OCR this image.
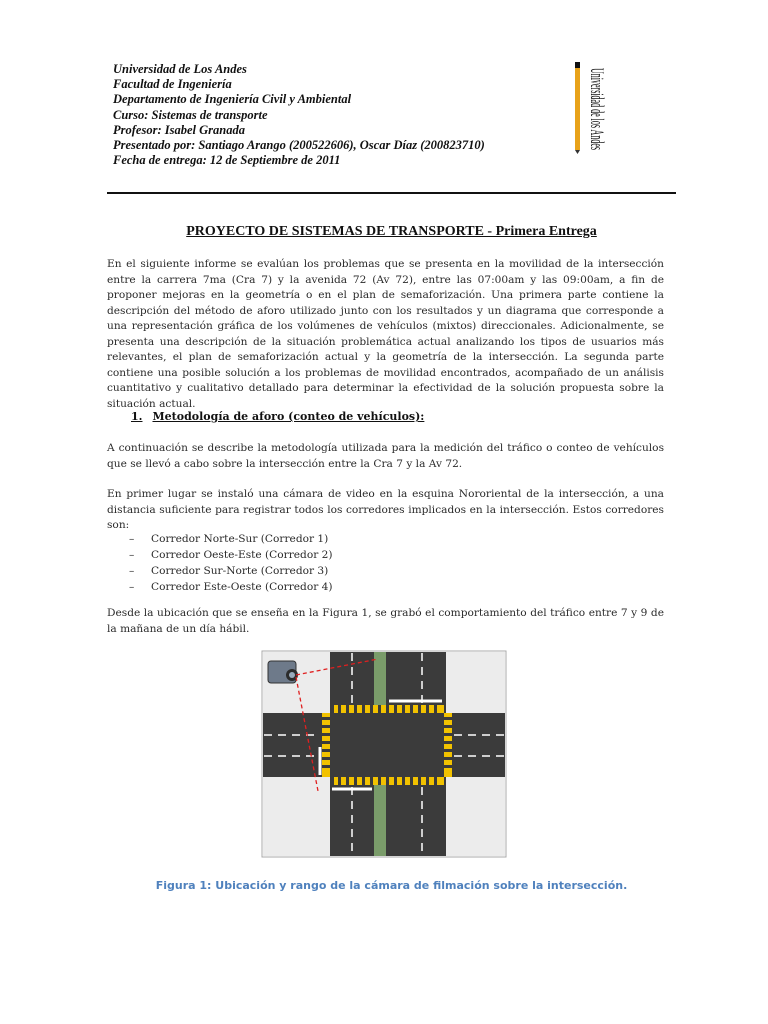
Universidad de Los Andes
Facultad de Ingeniería
Departamento de Ingeniería Civil y Ambiental
Curso: Sistemas de transporte
Profesor: Isabel Granada
Presentado por: Santiago Arango (200522606), Oscar Díaz (200823710)
Fecha de entrega: 12 de Septiembre de 2011	Universidad de los Andes
PROYECTO DE SISTEMAS DE TRANSPORTE - Primera Entrega
En el siguiente informe se evalúan los problemas que se presenta en la movilidad de la intersección entre la carrera 7ma (Cra 7) y la avenida 72 (Av 72), entre las 07:00am y las 09:00am, a fin de proponer mejoras en la geometría o en el plan de semaforización. Una primera parte contiene la descripción del método de aforo utilizado junto con los resultados y un diagrama que corresponde a una representación gráfica de los volúmenes de vehículos (mixtos) direccionales. Adicionalmente, se presenta una descripción de la situación problemática actual analizando los tipos de usuarios más relevantes, el plan de semaforización actual y la geometría de la intersección. La segunda parte contiene una posible solución a los problemas de movilidad encontrados, acompañado de un análisis cuantitativo y cualitativo detallado para determinar la efectividad de la solución propuesta sobre la situación actual.
1. Metodología de aforo (conteo de vehículos):
A continuación se describe la metodología utilizada para la medición del tráfico o conteo de vehículos que se llevó a cabo sobre la intersección entre la Cra 7 y la Av 72.
En primer lugar se instaló una cámara de video en la esquina Nororiental de la intersección, a una distancia suficiente para registrar todos los corredores implicados en la intersección. Estos corredores son:
–	Corredor Norte-Sur (Corredor 1)
–	Corredor Oeste-Este (Corredor 2)
–	Corredor Sur-Norte (Corredor 3)
–	Corredor Este-Oeste (Corredor 4)
Desde la ubicación que se enseña en la Figura 1, se grabó el comportamiento del tráfico entre 7 y 9 de la mañana de un día hábil.
Figura 1: Ubicación y rango de la cámara de filmación sobre la intersección.
